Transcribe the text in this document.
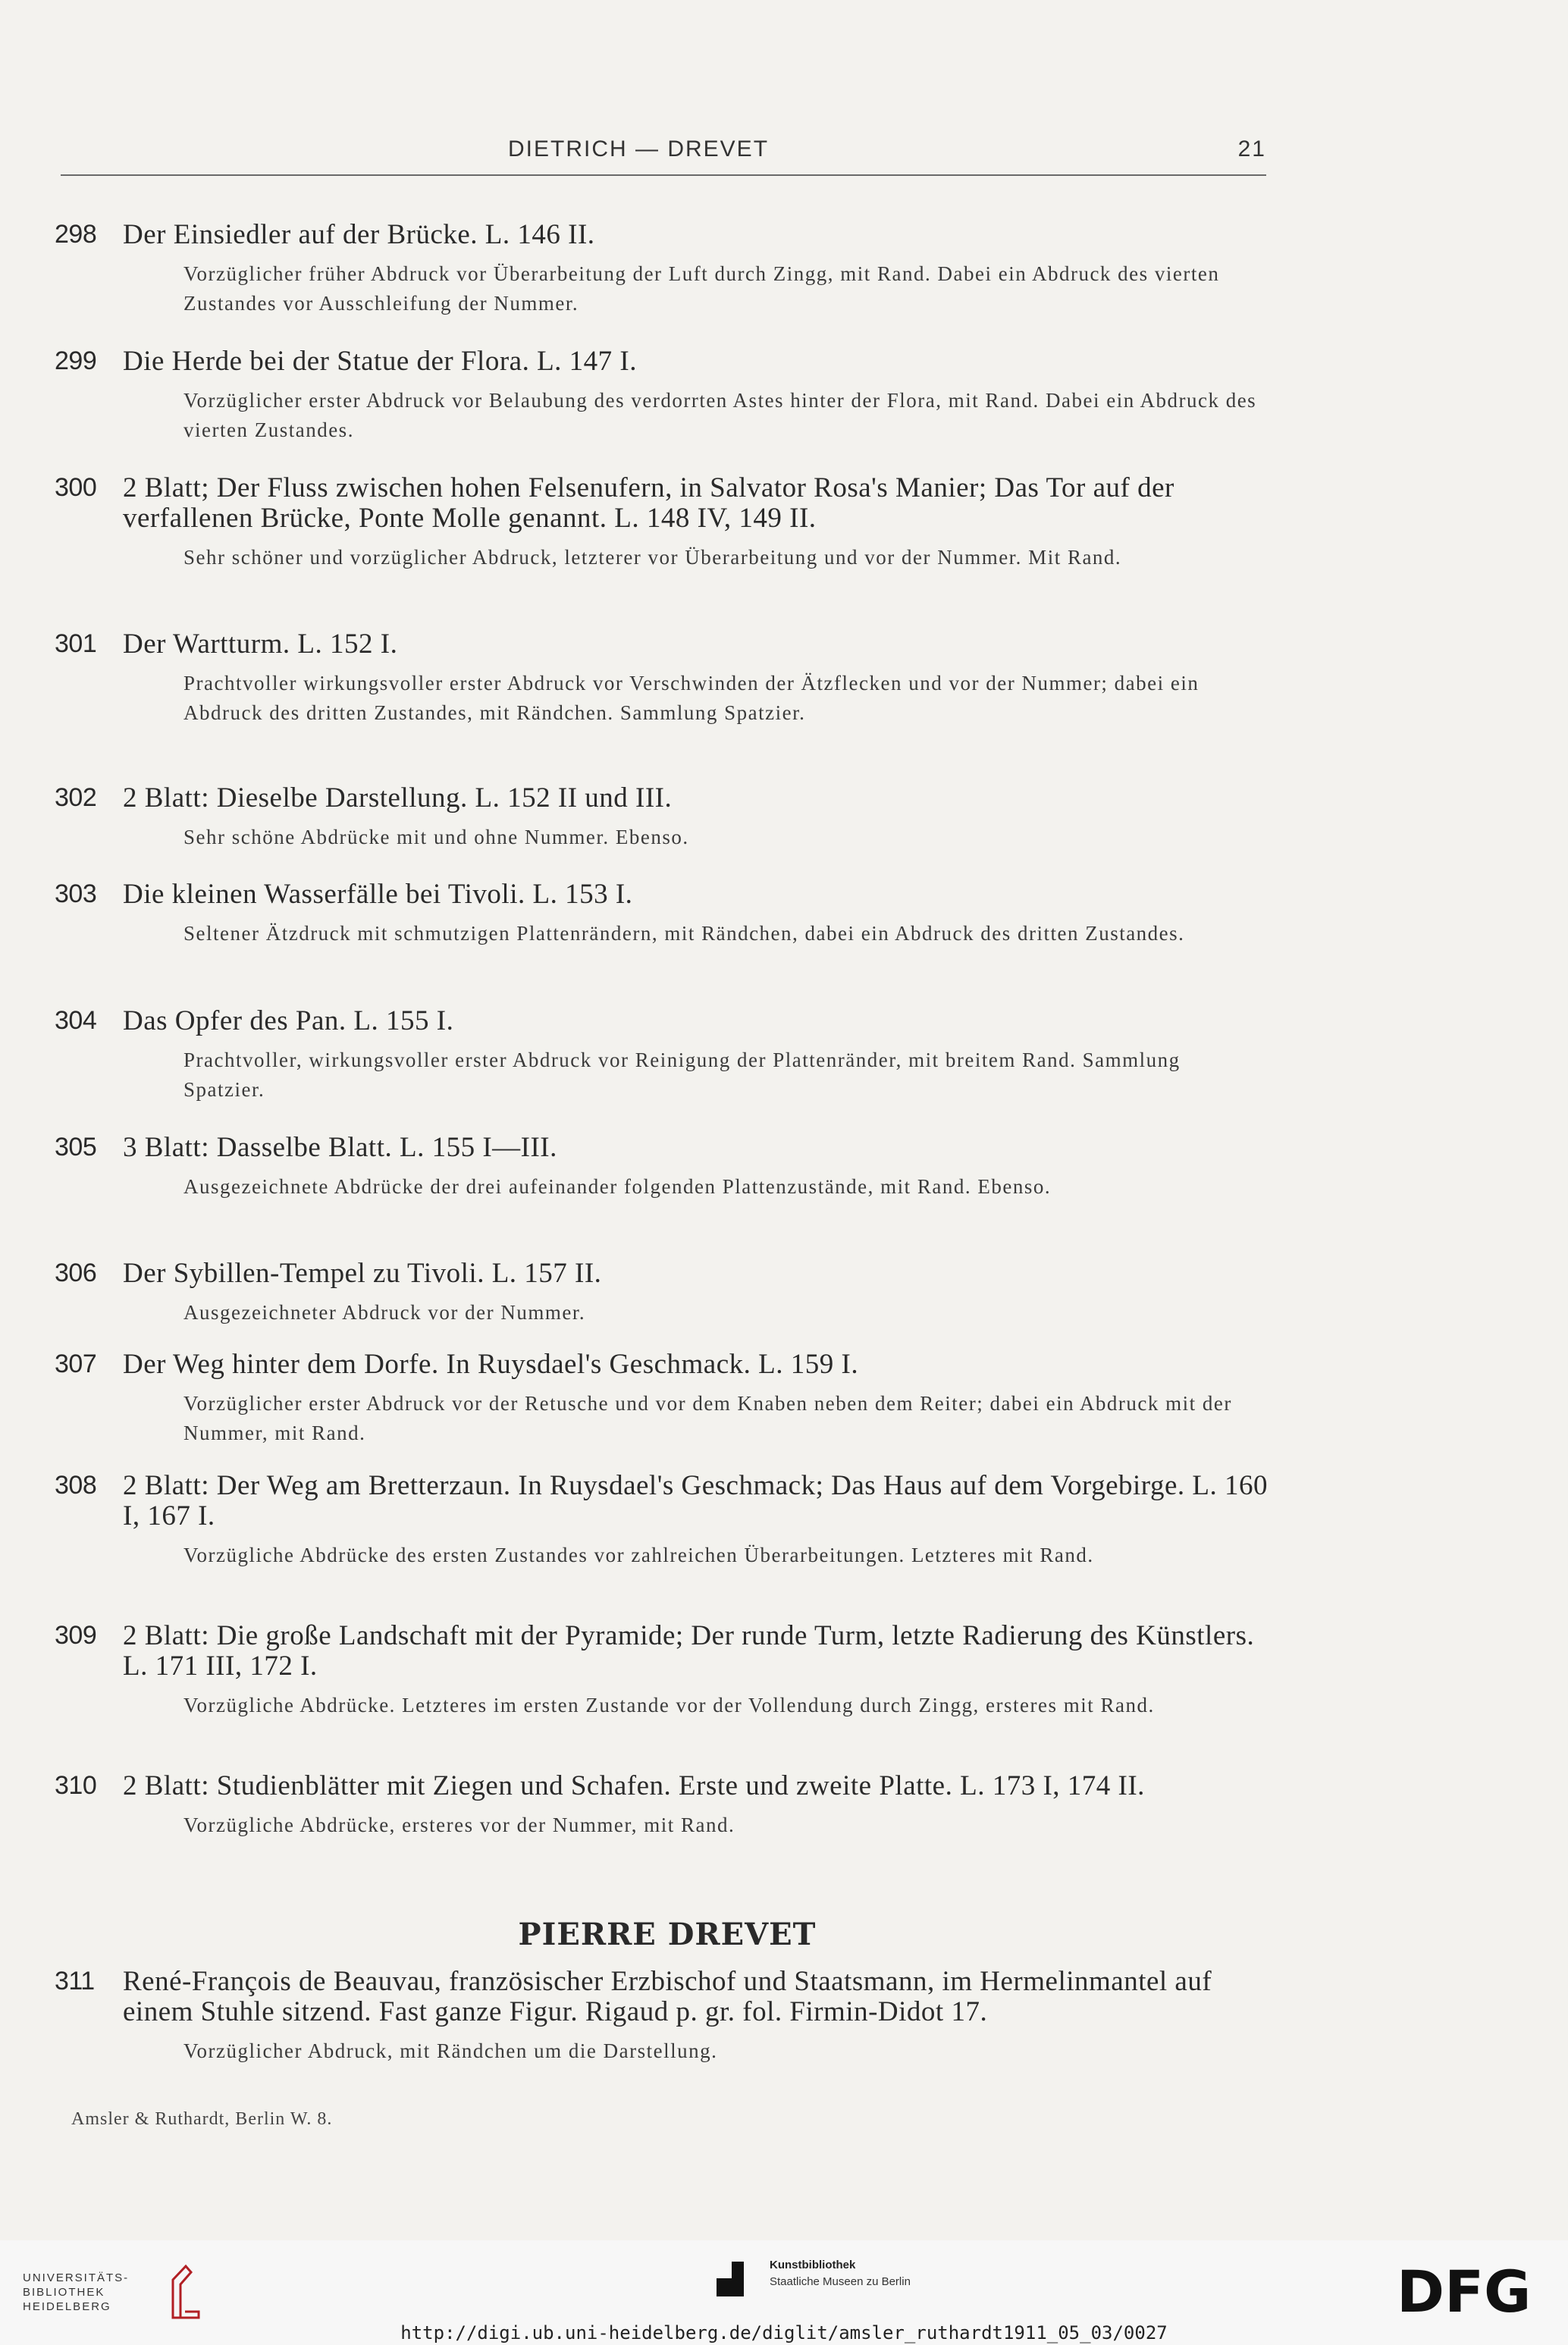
DIETRICH — DREVET	21
298 Der Einsiedler auf der Brücke. L. 146 II.
Vorzüglicher früher Abdruck vor Überarbeitung der Luft durch Zingg, mit Rand. Dabei ein Abdruck des vierten Zustandes vor Ausschleifung der Nummer.
299 Die Herde bei der Statue der Flora. L. 147 I.
Vorzüglicher erster Abdruck vor Belaubung des verdorrten Astes hinter der Flora, mit Rand. Dabei ein Abdruck des vierten Zustandes.
300 2 Blatt; Der Fluss zwischen hohen Felsenufern, in Salvator Rosa's Manier; Das Tor auf der verfallenen Brücke, Ponte Molle genannt. L. 148 IV, 149 II.
Sehr schöner und vorzüglicher Abdruck, letzterer vor Überarbeitung und vor der Nummer. Mit Rand.
301 Der Wartturm. L. 152 I.
Prachtvoller wirkungsvoller erster Abdruck vor Verschwinden der Ätzflecken und vor der Nummer; dabei ein Abdruck des dritten Zustandes, mit Rändchen. Sammlung Spatzier.
302 2 Blatt: Dieselbe Darstellung. L. 152 II und III.
Sehr schöne Abdrücke mit und ohne Nummer. Ebenso.
303 Die kleinen Wasserfälle bei Tivoli. L. 153 I.
Seltener Ätzdruck mit schmutzigen Plattenrändern, mit Rändchen, dabei ein Abdruck des dritten Zustandes.
304 Das Opfer des Pan. L. 155 I.
Prachtvoller, wirkungsvoller erster Abdruck vor Reinigung der Plattenränder, mit breitem Rand. Sammlung Spatzier.
305 3 Blatt: Dasselbe Blatt. L. 155 I—III.
Ausgezeichnete Abdrücke der drei aufeinander folgenden Plattenzustände, mit Rand. Ebenso.
306 Der Sybillen-Tempel zu Tivoli. L. 157 II.
Ausgezeichneter Abdruck vor der Nummer.
307 Der Weg hinter dem Dorfe. In Ruysdael's Geschmack. L. 159 I.
Vorzüglicher erster Abdruck vor der Retusche und vor dem Knaben neben dem Reiter; dabei ein Abdruck mit der Nummer, mit Rand.
308 2 Blatt: Der Weg am Bretterzaun. In Ruysdael's Geschmack; Das Haus auf dem Vorgebirge. L. 160 I, 167 I.
Vorzügliche Abdrücke des ersten Zustandes vor zahlreichen Überarbeitungen. Letzteres mit Rand.
309 2 Blatt: Die große Landschaft mit der Pyramide; Der runde Turm, letzte Radierung des Künstlers. L. 171 III, 172 I.
Vorzügliche Abdrücke. Letzteres im ersten Zustande vor der Vollendung durch Zingg, ersteres mit Rand.
310 2 Blatt: Studienblätter mit Ziegen und Schafen. Erste und zweite Platte. L. 173 I, 174 II.
Vorzügliche Abdrücke, ersteres vor der Nummer, mit Rand.
PIERRE DREVET
311 René-François de Beauvau, französischer Erzbischof und Staatsmann, im Hermelinmantel auf einem Stuhle sitzend. Fast ganze Figur. Rigaud p. gr. fol. Firmin-Didot 17.
Vorzüglicher Abdruck, mit Rändchen um die Darstellung.
Amsler & Ruthardt, Berlin W. 8.
UNIVERSITÄTS-
BIBLIOTHEK
HEIDELBERG
Kunstbibliothek
Staatliche Museen zu Berlin	DFG
http://digi.ub.uni-heidelberg.de/diglit/amsler_ruthardt1911_05_03/0027
